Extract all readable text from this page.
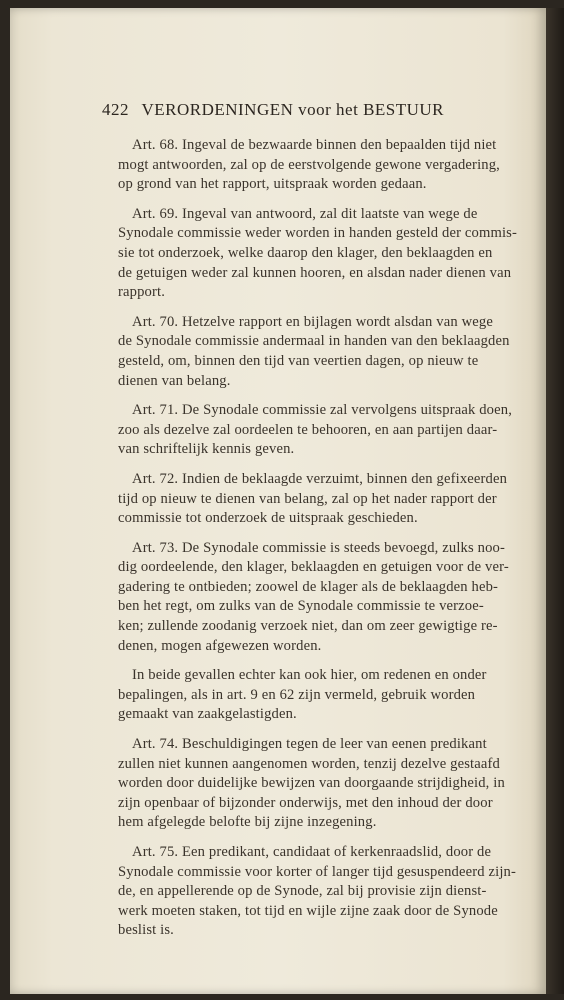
422 VERORDENINGEN voor het BESTUUR
Art. 68. Ingeval de bezwaarde binnen den bepaalden tijd niet
mogt antwoorden, zal op de eerstvolgende gewone vergadering,
op grond van het rapport, uitspraak worden gedaan.
Art. 69. Ingeval van antwoord, zal dit laatste van wege de
Synodale commissie weder worden in handen gesteld der commis-
sie tot onderzoek, welke daarop den klager, den beklaagden en
de getuigen weder zal kunnen hooren, en alsdan nader dienen van
rapport.
Art. 70. Hetzelve rapport en bijlagen wordt alsdan van wege
de Synodale commissie andermaal in handen van den beklaagden
gesteld, om, binnen den tijd van veertien dagen, op nieuw te
dienen van belang.
Art. 71. De Synodale commissie zal vervolgens uitspraak doen,
zoo als dezelve zal oordeelen te behooren, en aan partijen daar-
van schriftelijk kennis geven.
Art. 72. Indien de beklaagde verzuimt, binnen den gefixeerden
tijd op nieuw te dienen van belang, zal op het nader rapport der
commissie tot onderzoek de uitspraak geschieden.
Art. 73. De Synodale commissie is steeds bevoegd, zulks noo-
dig oordeelende, den klager, beklaagden en getuigen voor de ver-
gadering te ontbieden; zoowel de klager als de beklaagden heb-
ben het regt, om zulks van de Synodale commissie te verzoe-
ken; zullende zoodanig verzoek niet, dan om zeer gewigtige re-
denen, mogen afgewezen worden.
In beide gevallen echter kan ook hier, om redenen en onder
bepalingen, als in art. 9 en 62 zijn vermeld, gebruik worden
gemaakt van zaakgelastigden.
Art. 74. Beschuldigingen tegen de leer van eenen predikant
zullen niet kunnen aangenomen worden, tenzij dezelve gestaafd
worden door duidelijke bewijzen van doorgaande strijdigheid, in
zijn openbaar of bijzonder onderwijs, met den inhoud der door
hem afgelegde belofte bij zijne inzegening.
Art. 75. Een predikant, candidaat of kerkenraadslid, door de
Synodale commissie voor korter of langer tijd gesuspendeerd zijn-
de, en appellerende op de Synode, zal bij provisie zijn dienst-
werk moeten staken, tot tijd en wijle zijne zaak door de Synode
beslist is.
